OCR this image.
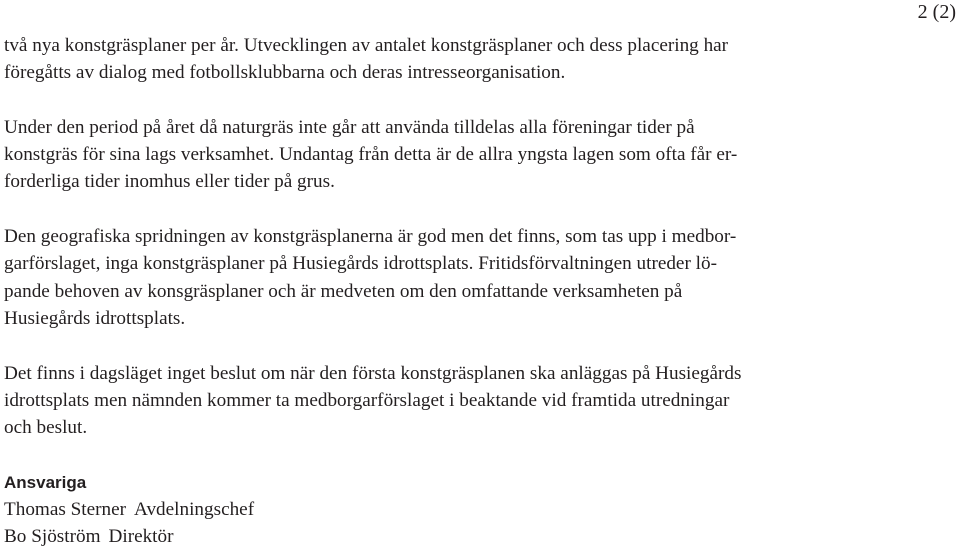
2 (2)

två nya konstgräsplaner per år. Utvecklingen av antalet konstgräsplaner och dess placering har
föregåtts av dialog med fotbollsklubbarna och deras intresseorganisation.

Under den period på året då naturgräs inte går att använda tilldelas alla föreningar tider på
konstgräs för sina lags verksamhet. Undantag från detta är de allra yngsta lagen som ofta får er-
forderliga tider inomhus eller tider på grus.

Den geografiska spridningen av konstgräsplanerna är god men det finns, som tas upp i medbor-
garförslaget, inga konstgräsplaner på Husiegårds idrottsplats. Fritidsförvaltningen utreder lö-
pande behoven av konsgräsplaner och är medveten om den omfattande verksamheten på
Husiegårds idrottsplats.

Det finns i dagsläget inget beslut om när den första konstgräsplanen ska anläggas på Husiegårds
idrottsplats men nämnden kommer ta medborgarförslaget i beaktande vid framtida utredningar
och beslut.

Ansvariga

Thomas Sterner Avdelningschef
Bo Sjöström Direktör
